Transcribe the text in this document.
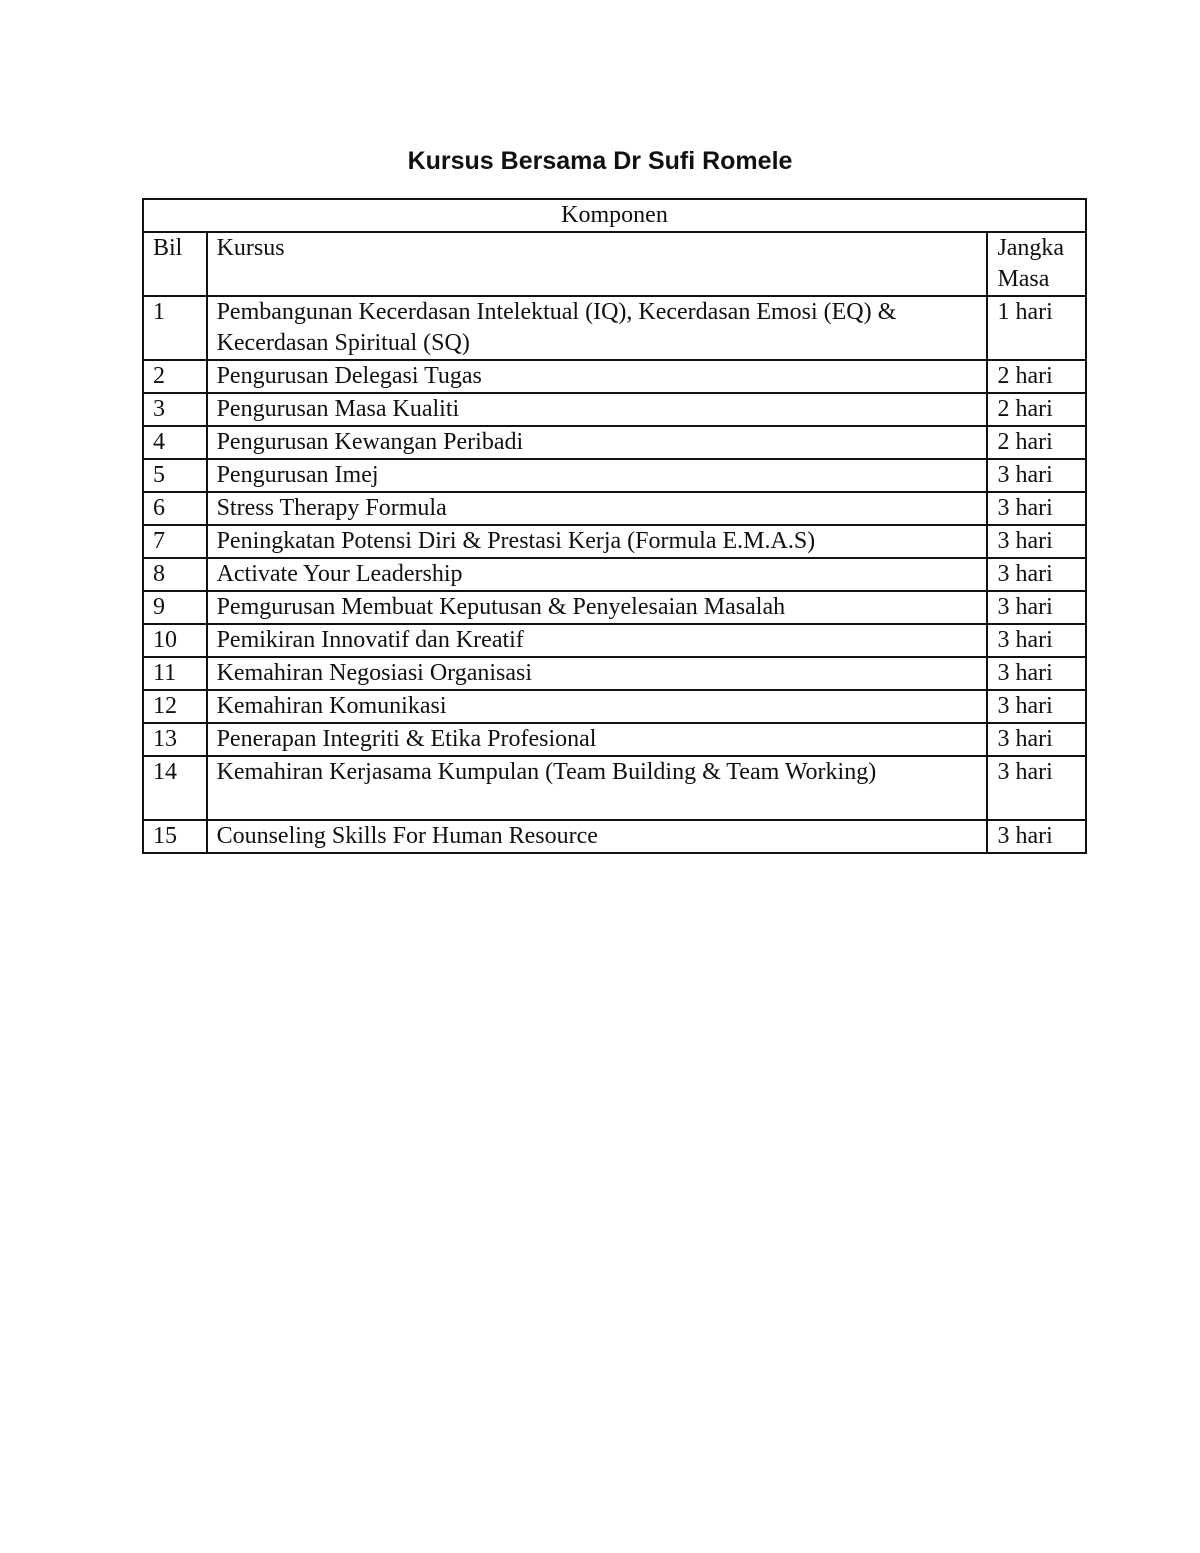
Kursus Bersama Dr Sufi Romele
Komponen		
Bil	Kursus	Jangka Masa
1	Pembangunan Kecerdasan Intelektual (IQ), Kecerdasan Emosi (EQ) & Kecerdasan Spiritual (SQ)	1 hari
2	Pengurusan Delegasi Tugas	2 hari
3	Pengurusan Masa Kualiti	2 hari
4	Pengurusan Kewangan Peribadi	2 hari
5	Pengurusan Imej	3 hari
6	Stress Therapy Formula	3 hari
7	Peningkatan Potensi Diri & Prestasi Kerja (Formula E.M.A.S)	3 hari
8	Activate Your Leadership	3 hari
9	Pemgurusan Membuat Keputusan & Penyelesaian Masalah	3 hari
10	Pemikiran Innovatif dan Kreatif	3 hari
11	Kemahiran Negosiasi Organisasi	3 hari
12	Kemahiran Komunikasi	3 hari
13	Penerapan Integriti & Etika Profesional	3 hari
14	Kemahiran Kerjasama Kumpulan (Team Building & Team Working)	3 hari
15	Counseling Skills For Human Resource	3 hari
